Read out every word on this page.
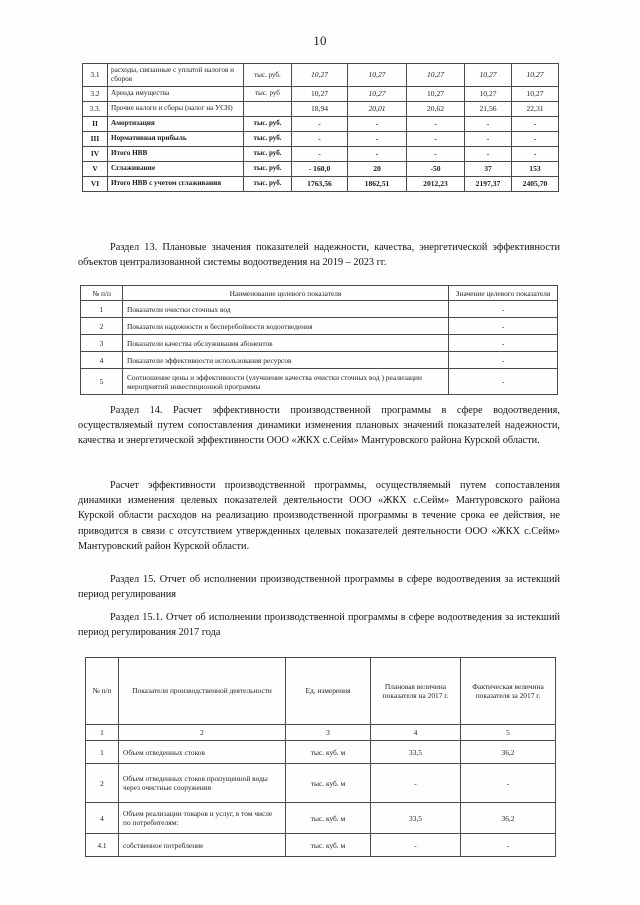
10
3.1	расходы, связанные с уплатой налогов и сборов	тыс. руб.	10,27	10,27	10,27	10,27	10,27
3.2	Аренда имущества	тыс. руб	10,27	10,27	10,27	10,27	10,27
3.3.	Прочие налоги и сборы (налог на УСН)		18,94	20,01	20,62	21,56	22,31
II	Амортизация	тыс. руб.	-	-	-	-	-
III	Нормативная прибыль	тыс. руб.	-	-	-	-	-
IV	Итого НВВ	тыс. руб.	-	-	-	-	-
V	Сглаживание	тыс. руб.	- 160,0	20	-50	37	153
VI	Итого НВВ с учетом сглаживания	тыс. руб.	1763,56	1862,51	2012,23	2197,37	2405,70
Раздел 13. Плановые значения показателей надежности, качества, энергетической эффективности объектов централизованной системы водоотведения на 2019 – 2023 гг.
№ п/п	Наименование целевого показателя	Значение целевого показателя
1	Показатели очистки сточных вод	-
2	Показатели надежности и бесперебойности водоотведения	-
3	Показатели качества обслуживания абонентов	-
4	Показатели эффективности использования ресурсов	-
5	Соотношение цены и эффективности (улучшение качества очистки сточных вод ) реализации мероприятий инвестиционной программы	-
Раздел 14. Расчет эффективности производственной программы в сфере водоотведения, осуществляемый путем сопоставления динамики изменения плановых значений показателей надежности, качества и энергетической эффективности ООО «ЖКХ с.Сейм» Мантуровского района Курской области.
Расчет эффективности производственной программы, осуществляемый путем сопоставления динамики изменения целевых показателей деятельности ООО «ЖКХ с.Сейм» Мантуровского района Курской области расходов на реализацию производственной программы в течение срока ее действия, не приводится в связи с отсутствием утвержденных целевых показателей деятельности ООО «ЖКХ с.Сейм» Мантуровский район Курской области.
Раздел 15. Отчет об исполнении производственной программы в сфере водоотведения за истекший период регулирования
Раздел 15.1. Отчет об исполнении производственной программы в сфере водоотведения за истекший период регулирования 2017 года
№ п/п	Показатели производственной деятельности	Ед. измерения	Плановая величина показателя на 2017 г.	Фактическая величина показателя за 2017 г.
1	2	3	4	5
1	Объем отведенных стоков	тыс. куб. м	33,5	36,2
2	Объем отведенных стоков пропущенной воды через очистные сооружения	тыс. куб. м	-	-
4	Объем реализации товаров и услуг, в том числе по потребителям:	тыс. куб. м	33,5	36,2
4.1	собственное потребление	тыс. куб. м	-	-
